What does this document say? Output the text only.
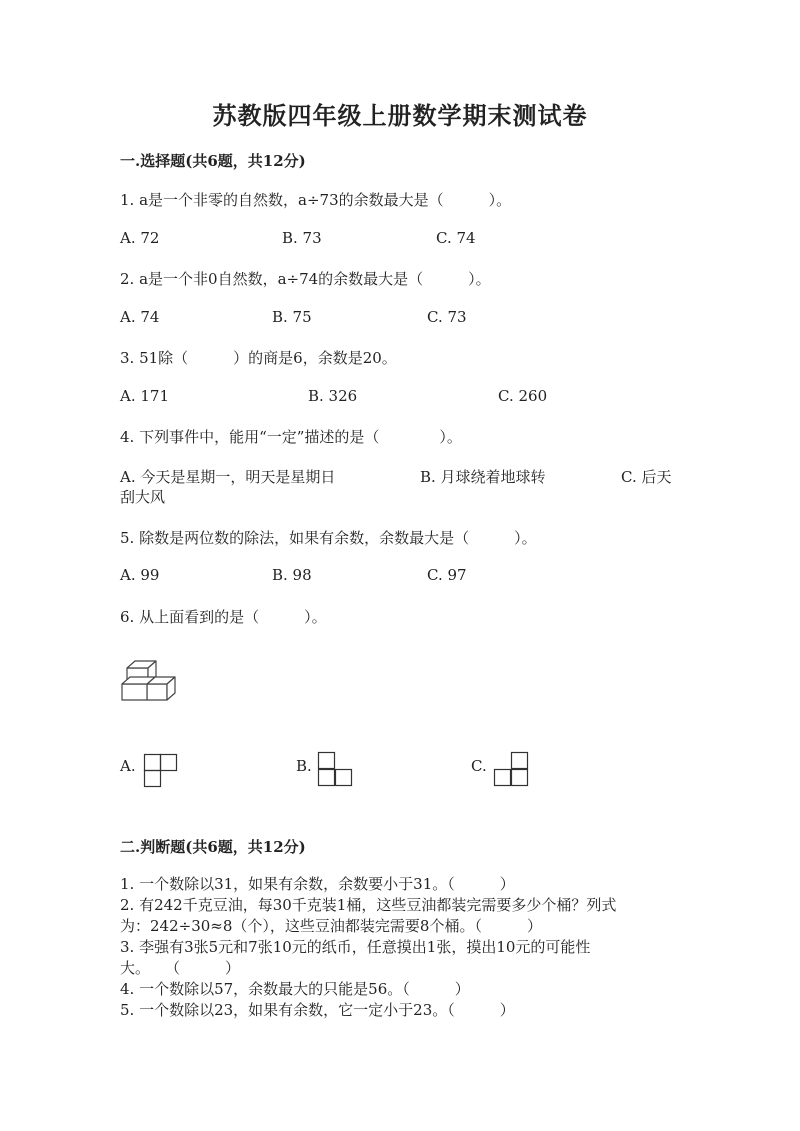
苏教版四年级上册数学期末测试卷
一.选择题(共6题，共12分)
1. a是一个非零的自然数，a÷73的余数最大是（　　　）。
A. 72	B. 73	C. 74
2. a是一个非0自然数，a÷74的余数最大是（　　　）。
A. 74	B. 75	C. 73
3. 51除（　　　）的商是6，余数是20。
A. 171	B. 326	C. 260
4. 下列事件中，能用“一定”描述的是（　　　　）。
A. 今天是星期一，明天是星期日	B. 月球绕着地球转	C. 后天
刮大风
5. 除数是两位数的除法，如果有余数，余数最大是（　　　）。
A. 99	B. 98	C. 97
6. 从上面看到的是（　　　）。
A.	B.	C.
二.判断题(共6题，共12分)
1. 一个数除以31，如果有余数，余数要小于31。（　　　）
2. 有242千克豆油，每30千克装1桶，这些豆油都装完需要多少个桶？列式
为：242÷30≈8（个），这些豆油都装完需要8个桶。（　　　）
3. 李强有3张5元和7张10元的纸币，任意摸出1张，摸出10元的可能性
大。　　（　　　）
4. 一个数除以57，余数最大的只能是56。（　　　）
5. 一个数除以23，如果有余数，它一定小于23。（　　　）
